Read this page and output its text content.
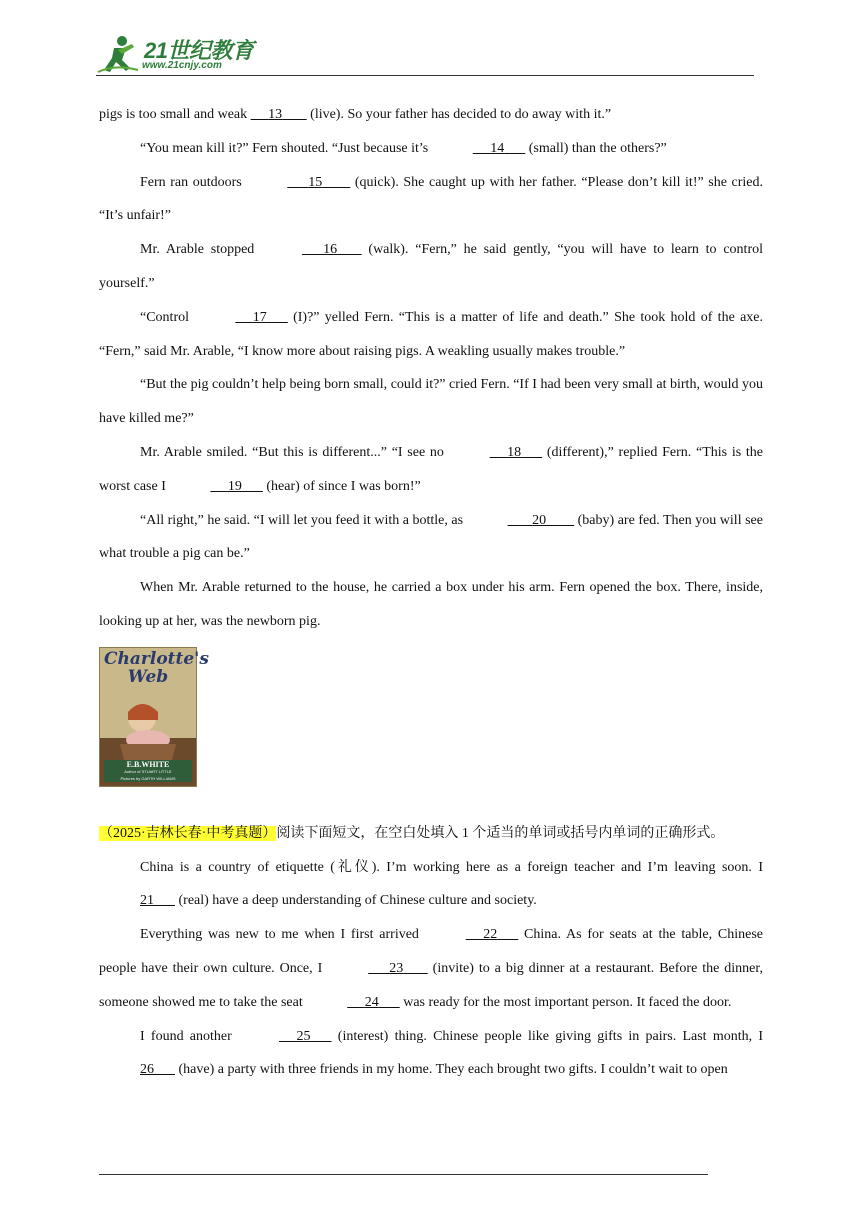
21世纪教育
www.21cnjy.com

pigs is too small and weak      13        (live). So your father has decided to do away with it.”

“You mean kill it?” Fern shouted. “Just because it’s	14       (small) than the others?”

Fern ran outdoors	15         (quick). She caught up with her father. “Please don’t kill it!” she cried. “It’s unfair!”

Mr. Arable stopped	16        (walk). “Fern,” he said gently, “you will have to learn to control yourself.”

“Control	17       (I)?” yelled Fern. “This is a matter of life and death.” She took hold of the axe. “Fern,” said Mr. Arable, “I know more about raising pigs. A weakling usually makes trouble.”

“But the pig couldn’t help being born small, could it?” cried Fern. “If I had been very small at birth, would you have killed me?”

Mr. Arable smiled. “But this is different...” “I see no	18       (different),” replied Fern. “This is the worst case I	19       (hear) of since I was born!”

“All right,” he said. “I will let you feed it with a bottle, as	20         (baby) are fed. Then you will see what trouble a pig can be.”

When Mr. Arable returned to the house, he carried a box under his arm. Fern opened the box. There, inside, looking up at her, was the newborn pig.

Charlotte's
Web
E.B.WHITE
Author of STUART LITTLE
Pictures by GARTH WILLIAMS

（2025·吉林长春·中考真题）阅读下面短文，在空白处填入 1 个适当的单词或括号内单词的正确形式。

China is a country of etiquette (礼仪). I’m working here as a foreign teacher and I’m leaving soon. I 21       (real) have a deep understanding of Chinese culture and society.

Everything was new to me when I first arrived	22       China. As for seats at the table, Chinese people have their own culture. Once, I	23        (invite) to a big dinner at a restaurant. Before the dinner, someone showed me to take the seat	24       was ready for the most important person. It faced the door.

I found another	25       (interest) thing. Chinese people like giving gifts in pairs. Last month, I 26       (have) a party with three friends in my home. They each brought two gifts. I couldn’t wait to open
